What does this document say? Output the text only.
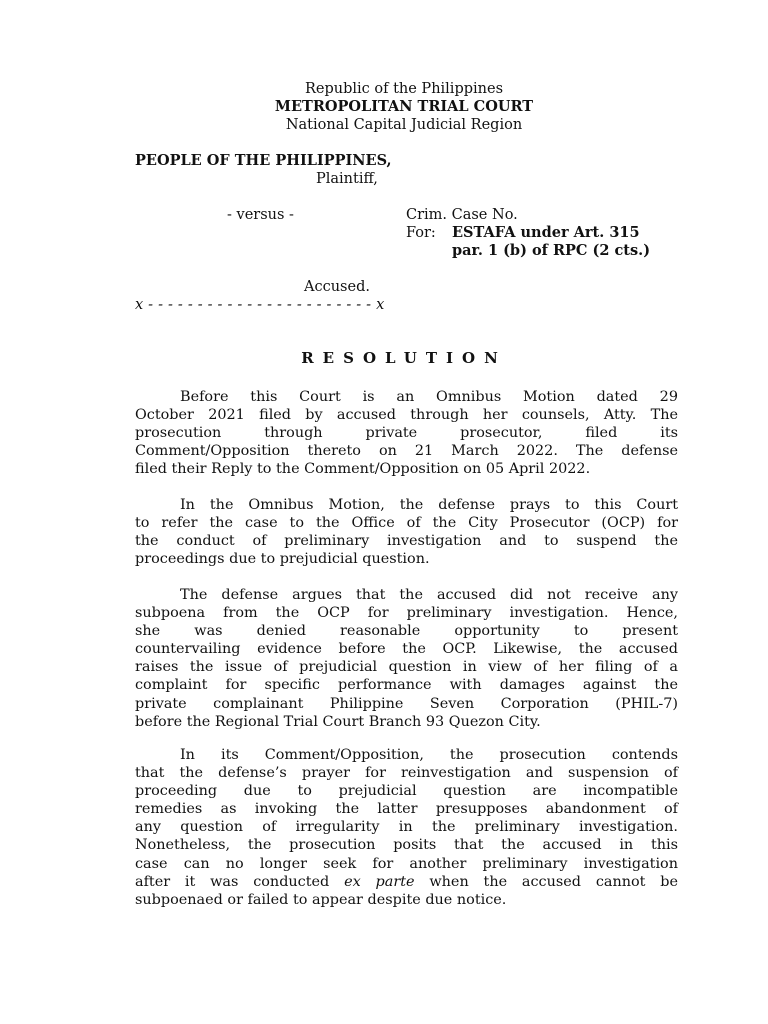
Republic of the Philippines
METROPOLITAN TRIAL COURT
National Capital Judicial Region
PEOPLE OF THE PHILIPPINES,
Plaintiff,
- versus -	Crim. Case No.
For: ESTAFA under Art. 315
par. 1 (b) of RPC (2 cts.)
Accused.
x - - - - - - - - - - - - - - - - - - - - - - - x
RESOLUTION
Before this Court is an Omnibus Motion dated 29
October 2021 filed by accused through her counsels, Atty. The
prosecution through private prosecutor, filed its
Comment/Opposition thereto on 21 March 2022. The defense
filed their Reply to the Comment/Opposition on 05 April 2022.
In the Omnibus Motion, the defense prays to this Court
to refer the case to the Office of the City Prosecutor (OCP) for
the conduct of preliminary investigation and to suspend the
proceedings due to prejudicial question.
The defense argues that the accused did not receive any
subpoena from the OCP for preliminary investigation. Hence,
she was denied reasonable opportunity to present
countervailing evidence before the OCP. Likewise, the accused
raises the issue of prejudicial question in view of her filing of a
complaint for specific performance with damages against the
private complainant Philippine Seven Corporation (PHIL-7)
before the Regional Trial Court Branch 93 Quezon City.
In its Comment/Opposition, the prosecution contends
that the defense’s prayer for reinvestigation and suspension of
proceeding due to prejudicial question are incompatible
remedies as invoking the latter presupposes abandonment of
any question of irregularity in the preliminary investigation.
Nonetheless, the prosecution posits that the accused in this
case can no longer seek for another preliminary investigation
after it was conducted ex parte when the accused cannot be
subpoenaed or failed to appear despite due notice.
